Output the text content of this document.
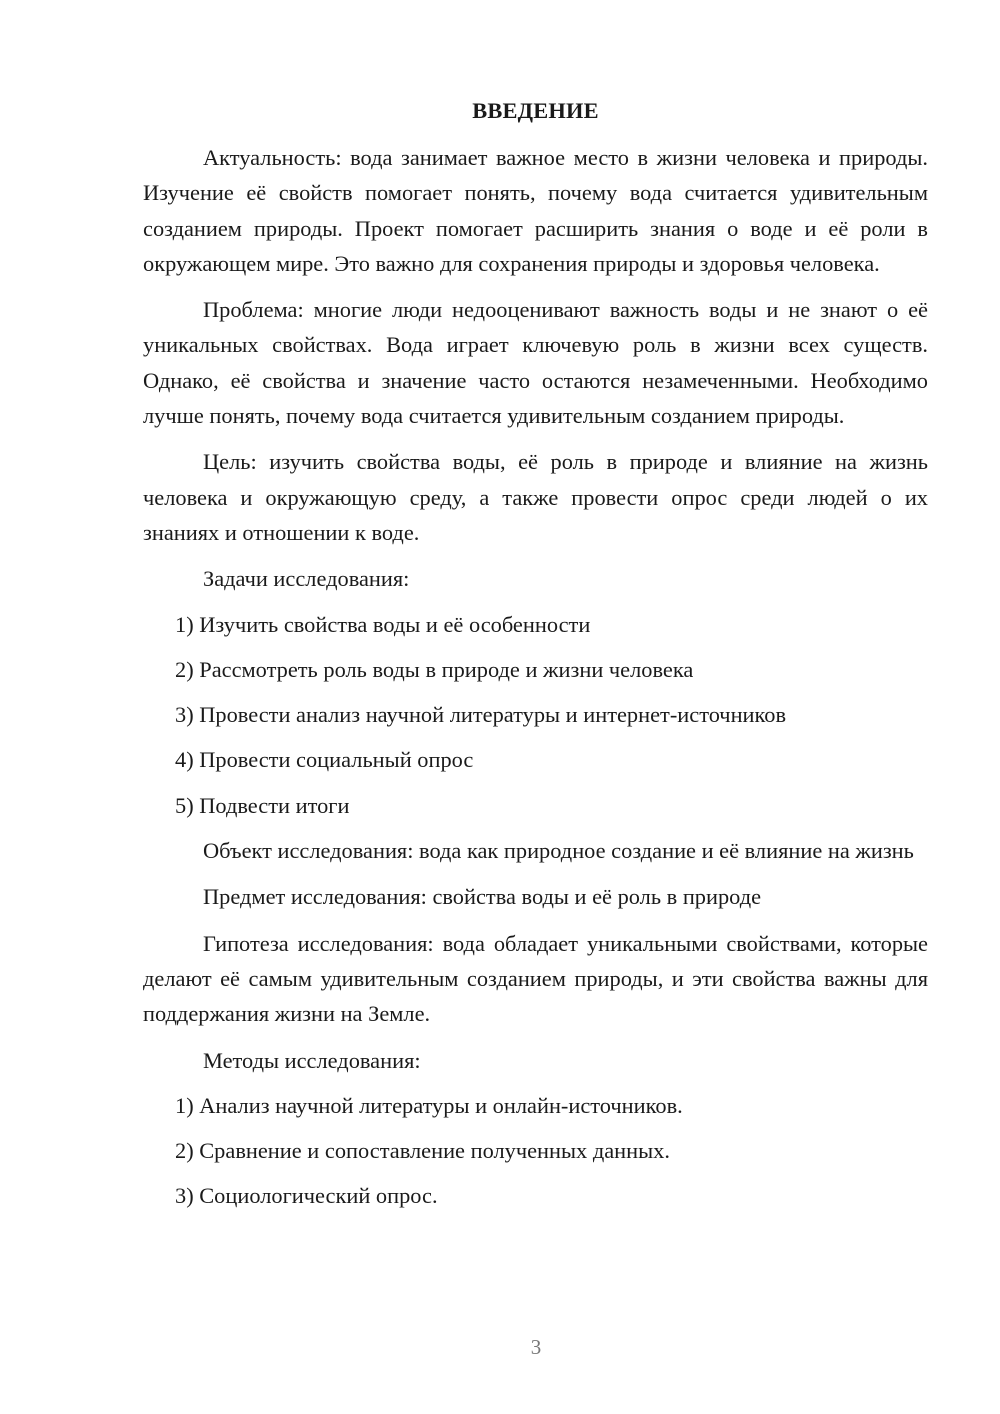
ВВЕДЕНИЕ

Актуальность: вода занимает важное место в жизни человека и природы. Изучение её свойств помогает понять, почему вода считается удивительным созданием природы. Проект помогает расширить знания о воде и её роли в окружающем мире. Это важно для сохранения природы и здоровья человека.

Проблема: многие люди недооценивают важность воды и не знают о её уникальных свойствах. Вода играет ключевую роль в жизни всех существ. Однако, её свойства и значение часто остаются незамеченными. Необходимо лучше понять, почему вода считается удивительным созданием природы.

Цель: изучить свойства воды, её роль в природе и влияние на жизнь человека и окружающую среду, а также провести опрос среди людей о их знаниях и отношении к воде.

Задачи исследования:
1) Изучить свойства воды и её особенности
2) Рассмотреть роль воды в природе и жизни человека
3) Провести анализ научной литературы и интернет-источников
4) Провести социальный опрос
5) Подвести итоги

Объект исследования: вода как природное создание и её влияние на жизнь

Предмет исследования: свойства воды и её роль в природе

Гипотеза исследования: вода обладает уникальными свойствами, которые делают её самым удивительным созданием природы, и эти свойства важны для поддержания жизни на Земле.

Методы исследования:
1) Анализ научной литературы и онлайн-источников.
2) Сравнение и сопоставление полученных данных.
3) Социологический опрос.
3
